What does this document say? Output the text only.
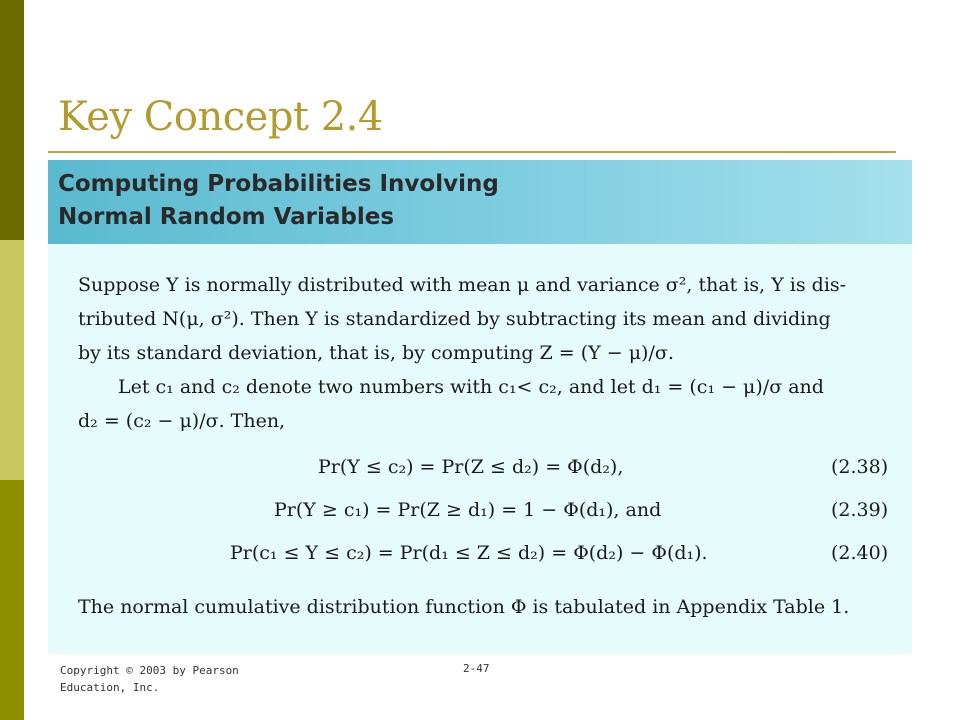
Key Concept 2.4
Computing Probabilities Involving
Normal Random Variables
Suppose Y is normally distributed with mean μ and variance σ², that is, Y is dis-
tributed N(μ, σ²). Then Y is standardized by subtracting its mean and dividing
by its standard deviation, that is, by computing Z = (Y − μ)/σ.
Let c₁ and c₂ denote two numbers with c₁< c₂, and let d₁ = (c₁ − μ)/σ and
d₂ = (c₂ − μ)/σ. Then,
Pr(Y ≤ c₂) = Pr(Z ≤ d₂) = Φ(d₂),	(2.38)
Pr(Y ≥ c₁) = Pr(Z ≥ d₁) = 1 − Φ(d₁), and	(2.39)
Pr(c₁ ≤ Y ≤ c₂) = Pr(d₁ ≤ Z ≤ d₂) = Φ(d₂) − Φ(d₁).	(2.40)
The normal cumulative distribution function Φ is tabulated in Appendix Table 1.
Copyright © 2003 by Pearson
Education, Inc.
2-47
